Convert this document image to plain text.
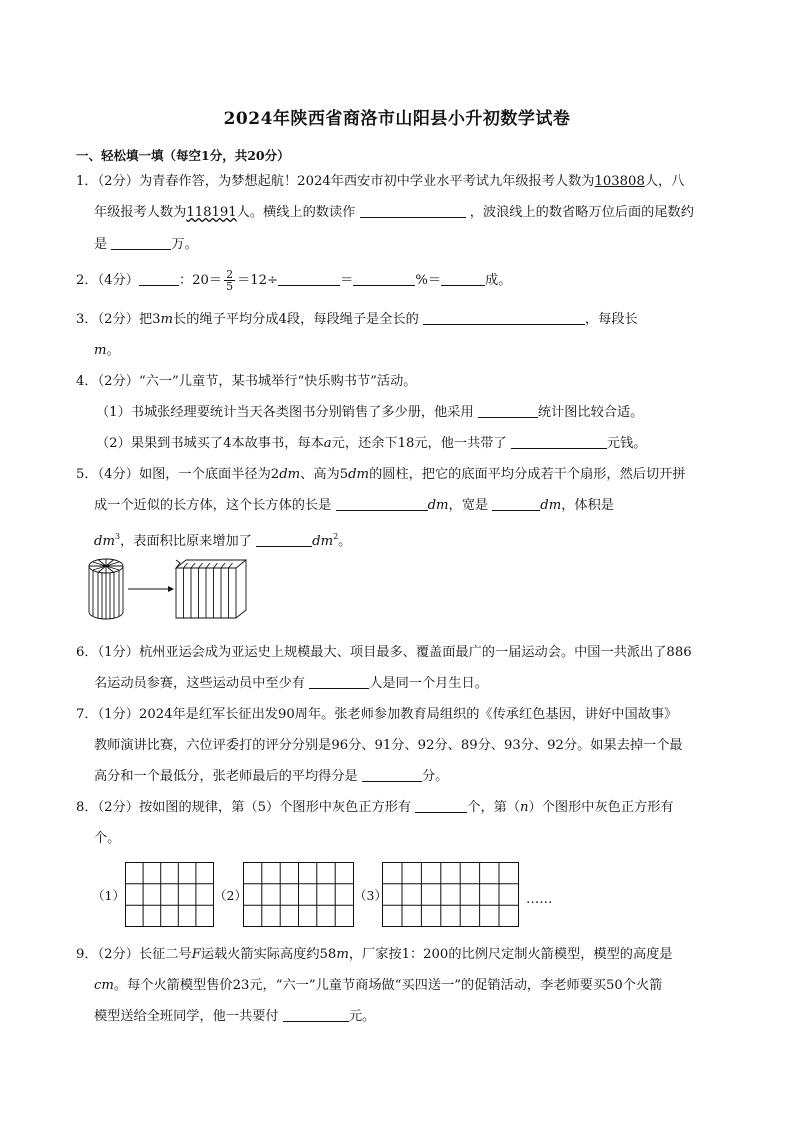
2024年陕西省商洛市山阳县小升初数学试卷
一、轻松填一填（每空1分，共20分）
1．（2分）为青春作答，为梦想起航！2024年西安市初中学业水平考试九年级报考人数为103808人，八
年级报考人数为118191人。横线上的数读作	，波浪线上的数省略万位后面的尾数约
是	万。
2．（4分）	：$20= \frac{2}{5} =12\div$	＝	%＝	成。
3．（2分）把3m长的绳子平均分成4段，每段绳子是全长的	，每段长
m。
4．（2分）“六一”儿童节，某书城举行“快乐购书节”活动。
（1）书城张经理要统计当天各类图书分别销售了多少册，他采用	统计图比较合适。
（2）果果到书城买了4本故事书，每本a元，还余下18元，他一共带了	元钱。
5．（4分）如图，一个底面半径为2dm、高为5dm的圆柱，把它的底面平均分成若干个扇形，然后切开拼
成一个近似的长方体，这个长方体的长是	dm，宽是	dm，体积是
$dm^3$，表面积比原来增加了	$dm^2$。
6．（1分）杭州亚运会成为亚运史上规模最大、项目最多、覆盖面最广的一届运动会。中国一共派出了886
名运动员参赛，这些运动员中至少有	人是同一个月生日。
7．（1分）2024年是红军长征出发90周年。张老师参加教育局组织的《传承红色基因，讲好中国故事》
教师演讲比赛，六位评委打的评分分别是96分、91分、92分、89分、93分、92分。如果去掉一个最
高分和一个最低分，张老师最后的平均得分是	分。
8．（2分）按如图的规律，第（5）个图形中灰色正方形有	个，第（n）个图形中灰色正方形有
个。
（1）	（2）	（3）	……
9．（2分）长征二号F运载火箭实际高度约58m，厂家按1：200的比例尺定制火箭模型，模型的高度是
cm。每个火箭模型售价23元，“六一”儿童节商场做“买四送一”的促销活动，李老师要买50个火箭
模型送给全班同学，他一共要付	元。
